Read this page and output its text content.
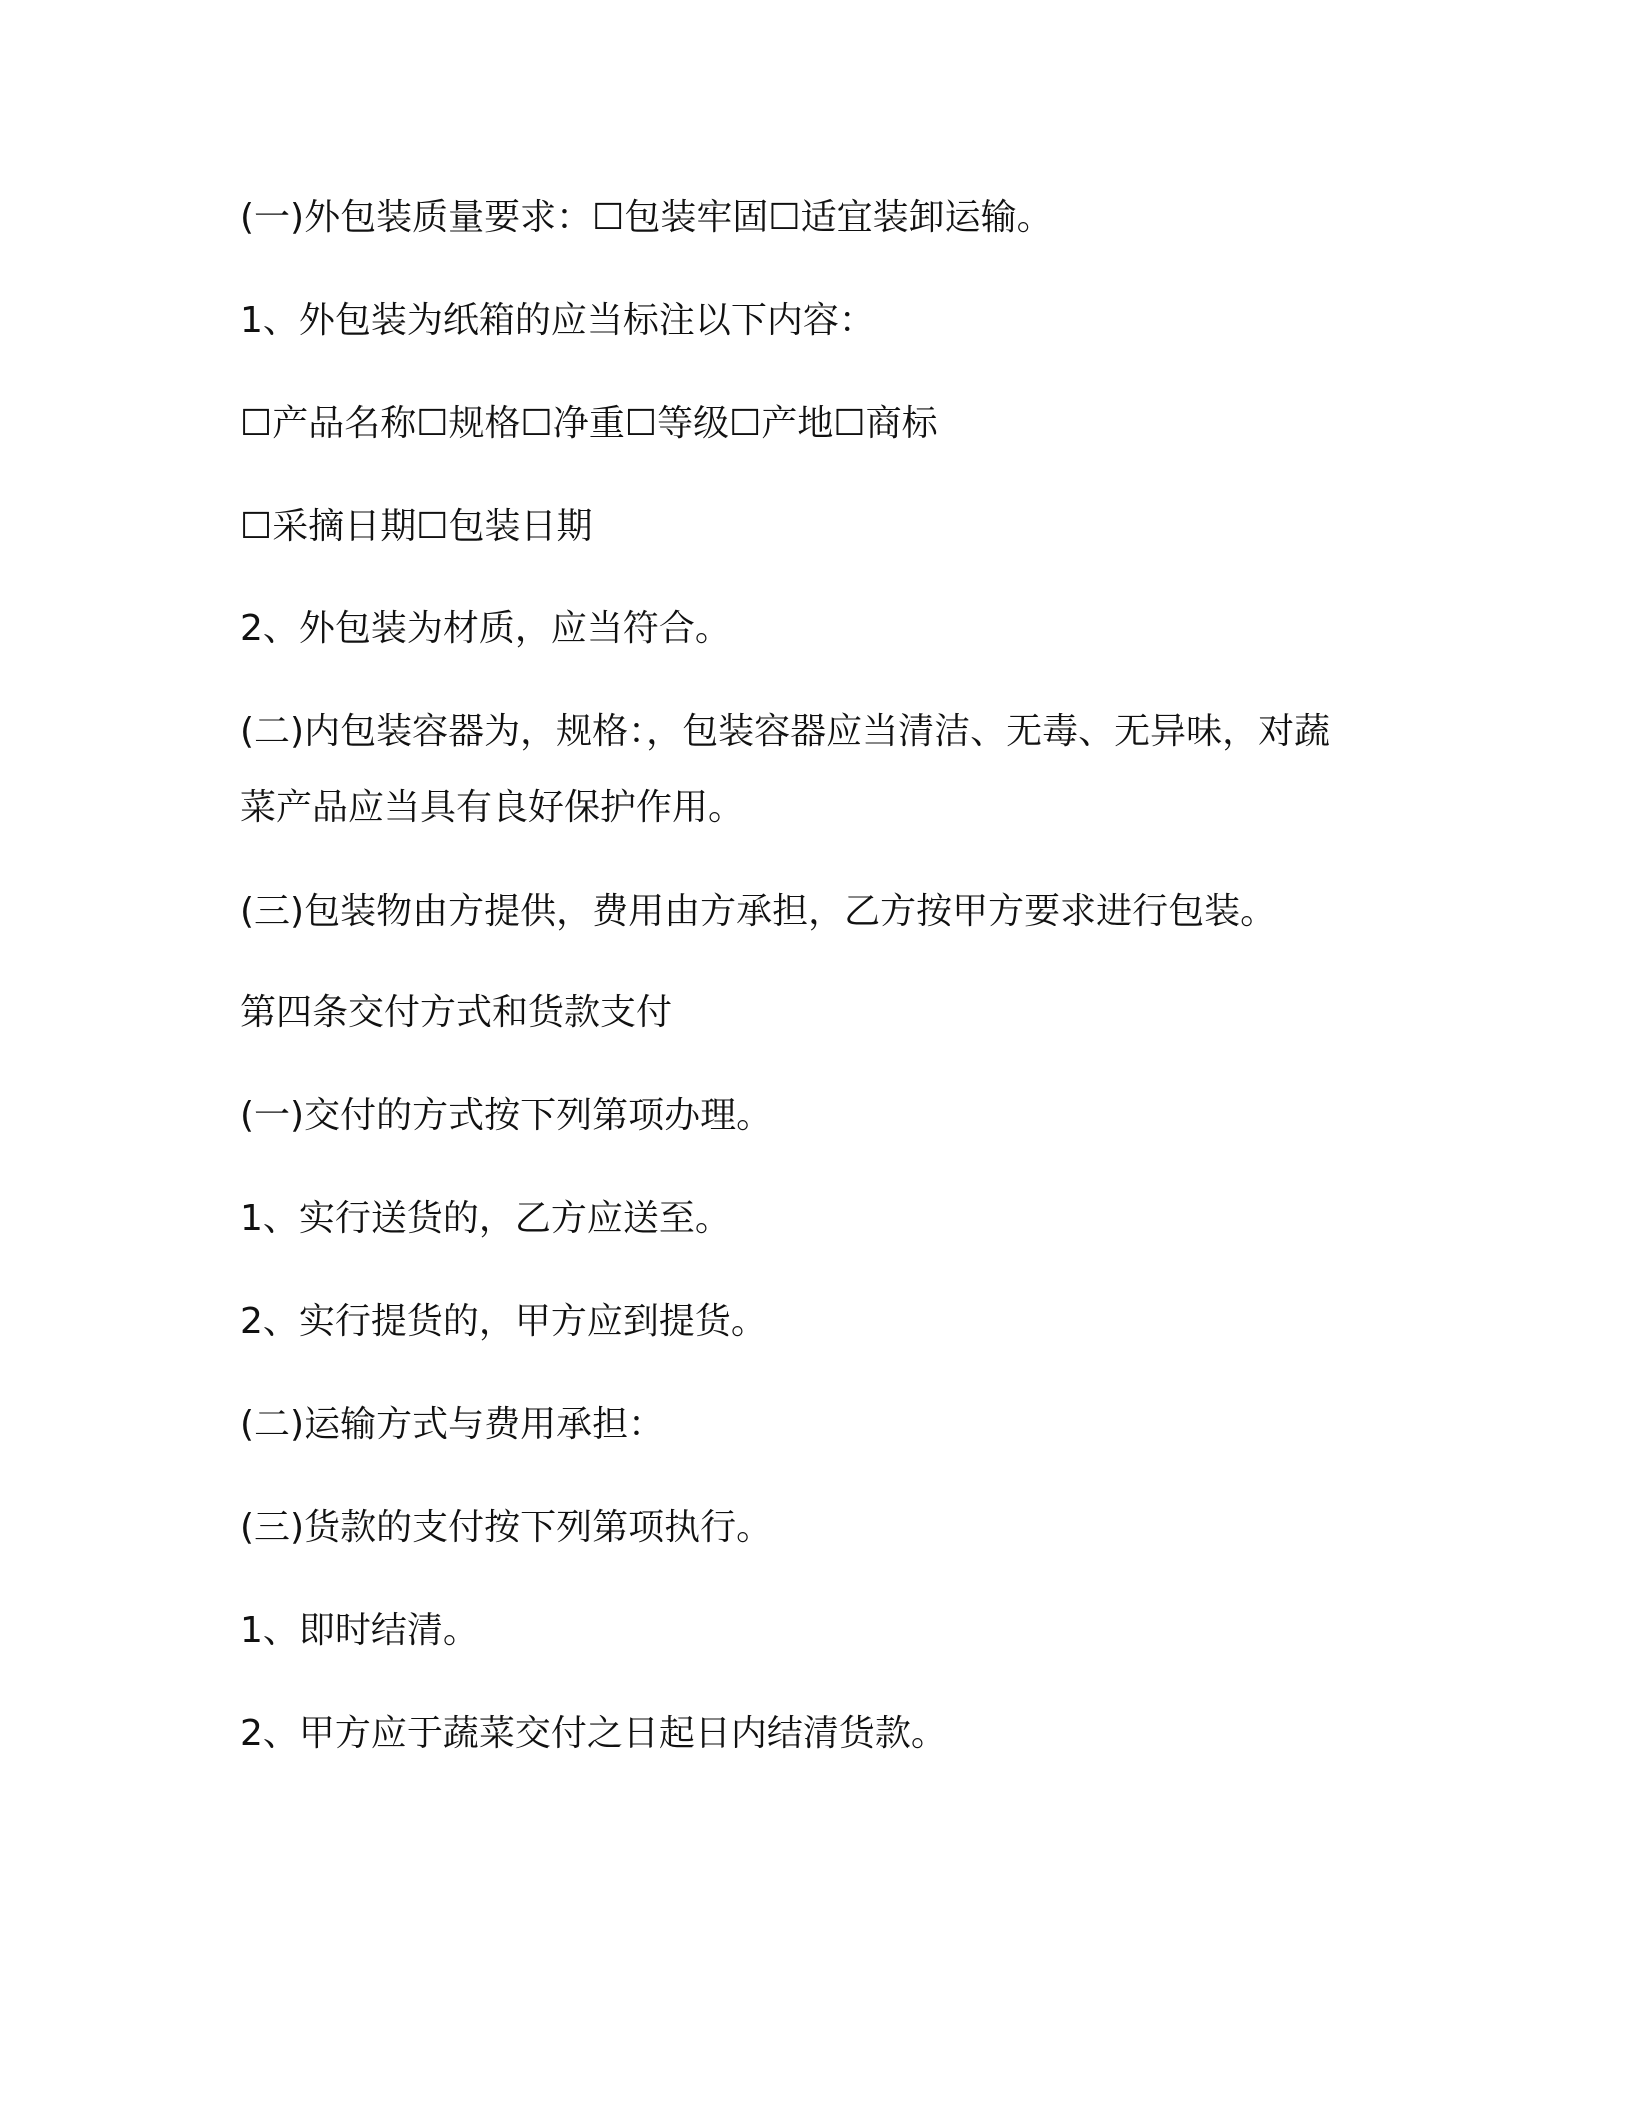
(一)外包装质量要求：☐包装牢固☐适宜装卸运输。
1、外包装为纸箱的应当标注以下内容：
☐产品名称☐规格☐净重☐等级☐产地☐商标
☐采摘日期☐包装日期
2、外包装为材质，应当符合。
(二)内包装容器为，规格：，包装容器应当清洁、无毒、无异味，对蔬
菜产品应当具有良好保护作用。
(三)包装物由方提供，费用由方承担，乙方按甲方要求进行包装。
第四条交付方式和货款支付
(一)交付的方式按下列第项办理。
1、实行送货的，乙方应送至。
2、实行提货的，甲方应到提货。
(二)运输方式与费用承担：
(三)货款的支付按下列第项执行。
1、即时结清。
2、甲方应于蔬菜交付之日起日内结清货款。
